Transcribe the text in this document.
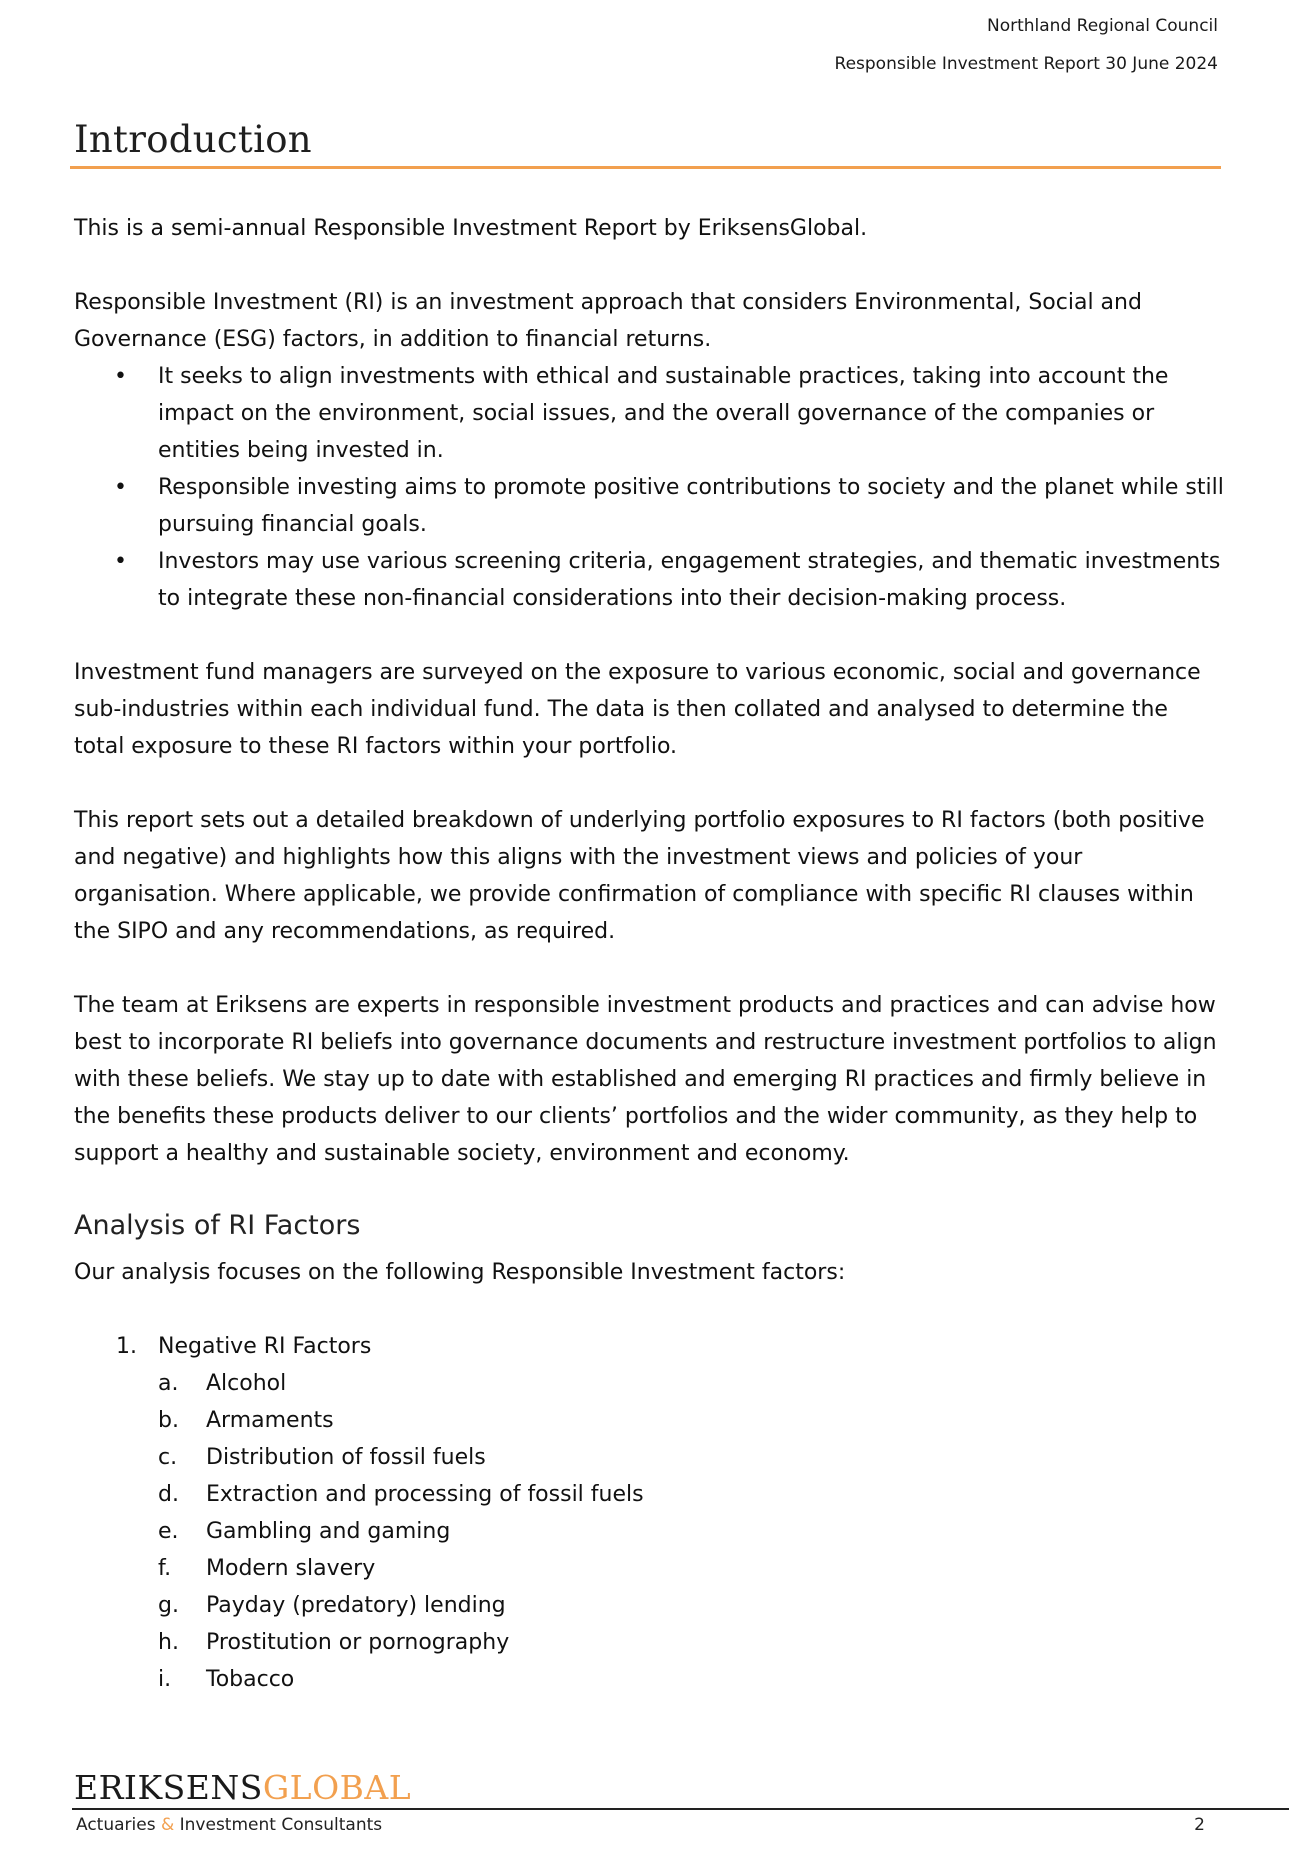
Northland Regional Council
Responsible Investment Report 30 June 2024
Introduction

This is a semi-annual Responsible Investment Report by EriksensGlobal.

Responsible Investment (RI) is an investment approach that considers Environmental, Social and Governance (ESG) factors, in addition to financial returns.

• It seeks to align investments with ethical and sustainable practices, taking into account the impact on the environment, social issues, and the overall governance of the companies or entities being invested in.
• Responsible investing aims to promote positive contributions to society and the planet while still pursuing financial goals.
• Investors may use various screening criteria, engagement strategies, and thematic investments to integrate these non-financial considerations into their decision-making process.

Investment fund managers are surveyed on the exposure to various economic, social and governance sub-industries within each individual fund. The data is then collated and analysed to determine the total exposure to these RI factors within your portfolio.

This report sets out a detailed breakdown of underlying portfolio exposures to RI factors (both positive and negative) and highlights how this aligns with the investment views and policies of your organisation. Where applicable, we provide confirmation of compliance with specific RI clauses within the SIPO and any recommendations, as required.

The team at Eriksens are experts in responsible investment products and practices and can advise how best to incorporate RI beliefs into governance documents and restructure investment portfolios to align with these beliefs. We stay up to date with established and emerging RI practices and firmly believe in the benefits these products deliver to our clients’ portfolios and the wider community, as they help to support a healthy and sustainable society, environment and economy.

Analysis of RI Factors

Our analysis focuses on the following Responsible Investment factors:

1. Negative RI Factors
a. Alcohol
b. Armaments
c. Distribution of fossil fuels
d. Extraction and processing of fossil fuels
e. Gambling and gaming
f. Modern slavery
g. Payday (predatory) lending
h. Prostitution or pornography
i. Tobacco
ERIKSENSGLOBAL
Actuaries & Investment Consultants	2
